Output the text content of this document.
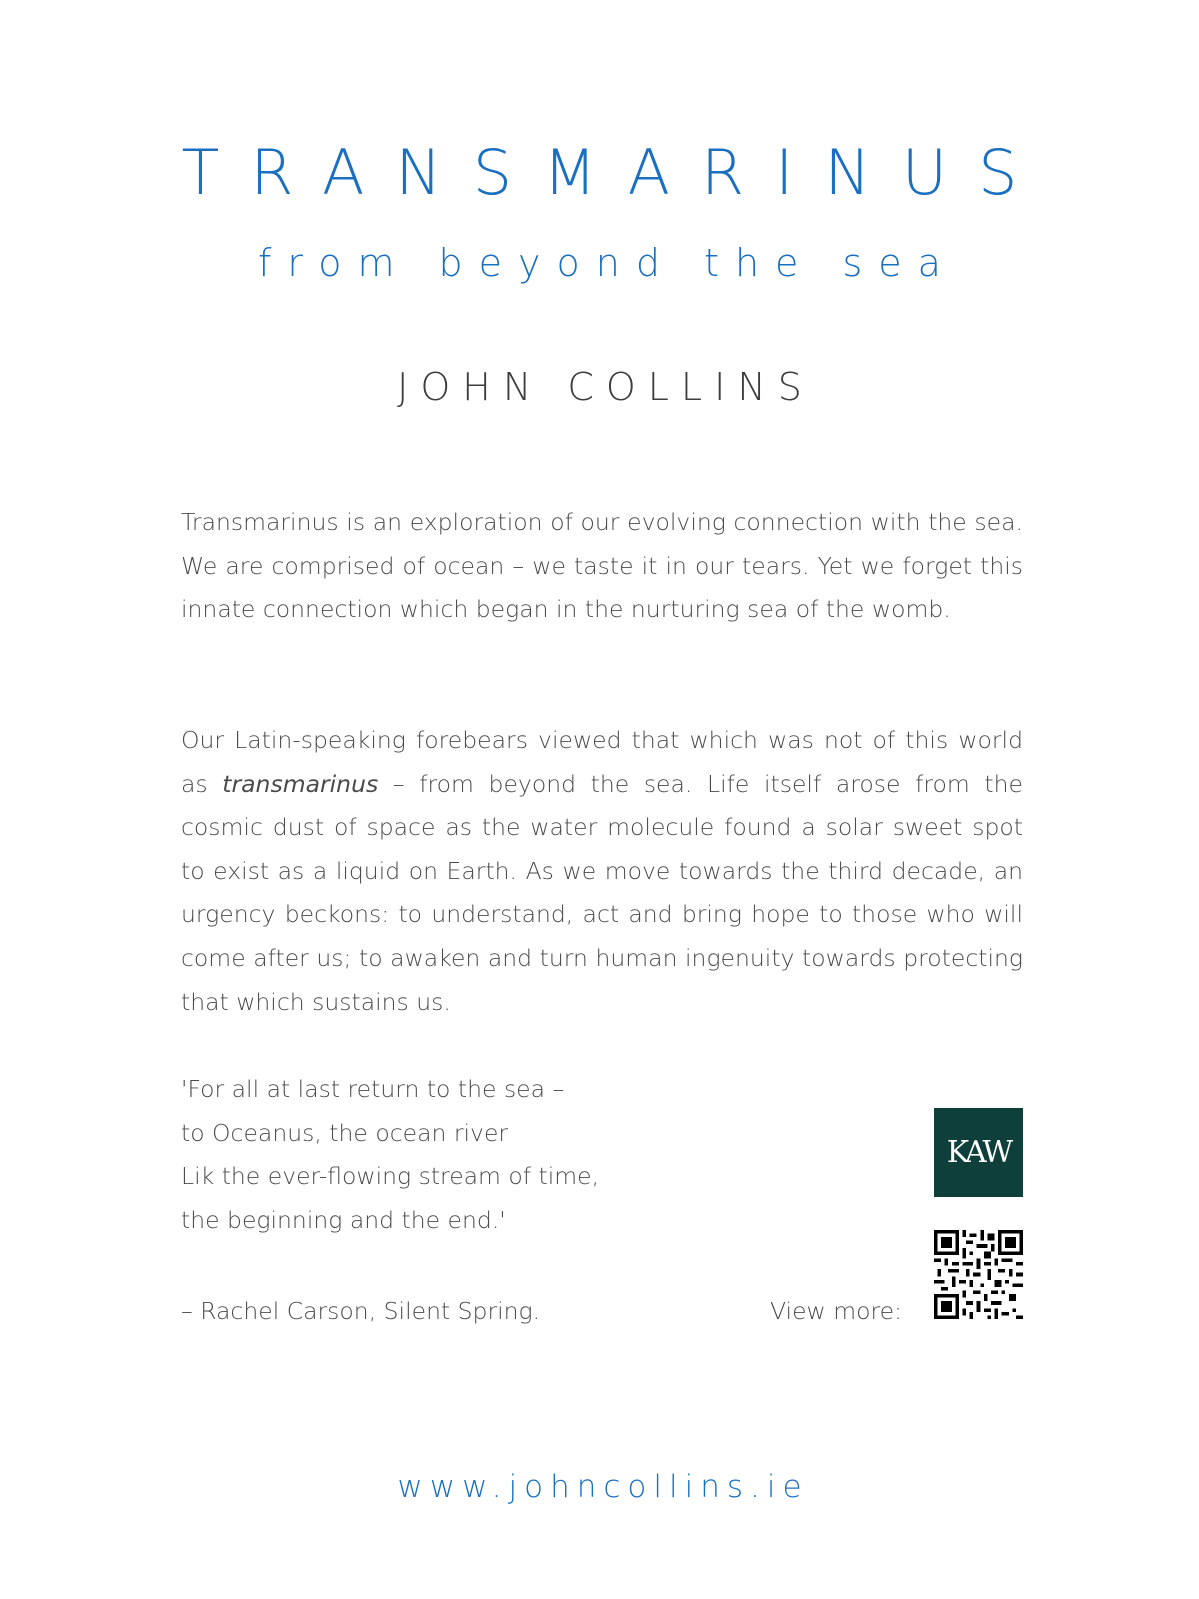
TRANSMARINUS
from beyond the sea
JOHN COLLINS

Transmarinus is an exploration of our evolving connection with the sea. We are comprised of ocean – we taste it in our tears. Yet we forget this innate connection which began in the nurturing sea of the womb.

Our Latin-speaking forebears viewed that which was not of this world as transmarinus – from beyond the sea. Life itself arose from the cosmic dust of space as the water molecule found a solar sweet spot to exist as a liquid on Earth. As we move towards the third decade, an urgency beckons: to understand, act and bring hope to those who will come after us; to awaken and turn human ingenuity towards protecting that which sustains us.

'For all at last return to the sea –
to Oceanus, the ocean river
Lik the ever-flowing stream of time,
the beginning and the end.'
– Rachel Carson, Silent Spring.	View more:
KAW
www.johncollins.ie
